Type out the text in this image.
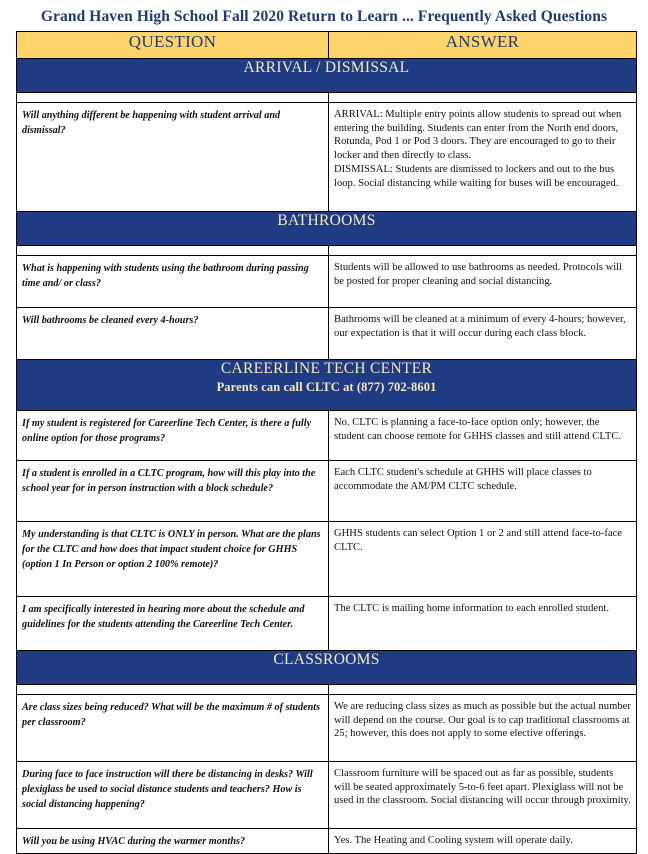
Grand Haven High School Fall 2020 Return to Learn ... Frequently Asked Questions
QUESTION	ANSWER
ARRIVAL / DISMISSAL	

Will anything different be happening with student arrival and dismissal?	ARRIVAL: Multiple entry points allow students to spread out when entering the building. Students can enter from the North end doors, Rotunda, Pod 1 or Pod 3 doors. They are encouraged to go to their locker and then directly to class.
DISMISSAL: Students are dismissed to lockers and out to the bus loop. Social distancing while waiting for buses will be encouraged.

BATHROOMS	

What is happening with students using the bathroom during passing time and/ or class?	Students will be allowed to use bathrooms as needed. Protocols will be posted for proper cleaning and social distancing.
Will bathrooms be cleaned every 4-hours?	Bathrooms will be cleaned at a minimum of every 4-hours; however, our expectation is that it will occur during each class block.
CAREERLINE TECH CENTER
Parents can call CLTC at (877) 702-8601	

If my student is registered for Careerline Tech Center, is there a fully online option for those programs?	No. CLTC is planning a face-to-face option only; however, the student can choose remote for GHHS classes and still attend CLTC.
If a student is enrolled in a CLTC program, how will this play into the school year for in person instruction with a block schedule?	Each CLTC student's schedule at GHHS will place classes to accommodate the AM/PM CLTC schedule.
My understanding is that CLTC is ONLY in person. What are the plans for the CLTC and how does that impact student choice for GHHS (option 1 In Person or option 2 100% remote)?	GHHS students can select Option 1 or 2 and still attend face-to-face CLTC.
I am specifically interested in hearing more about the schedule and guidelines for the students attending the Careerline Tech Center.	The CLTC is mailing home information to each enrolled student.
CLASSROOMS	

Are class sizes being reduced? What will be the maximum # of students per classroom?	We are reducing class sizes as much as possible but the actual number will depend on the course. Our goal is to cap traditional classrooms at 25; however, this does not apply to some elective offerings.
During face to face instruction will there be distancing in desks? Will plexiglass be used to social distance students and teachers? How is social distancing happening?	Classroom furniture will be spaced out as far as possible, students will be seated approximately 5-to-6 feet apart. Plexiglass will not be used in the classroom. Social distancing will occur through proximity.
Will you be using HVAC during the warmer months?	Yes. The Heating and Cooling system will operate daily.
